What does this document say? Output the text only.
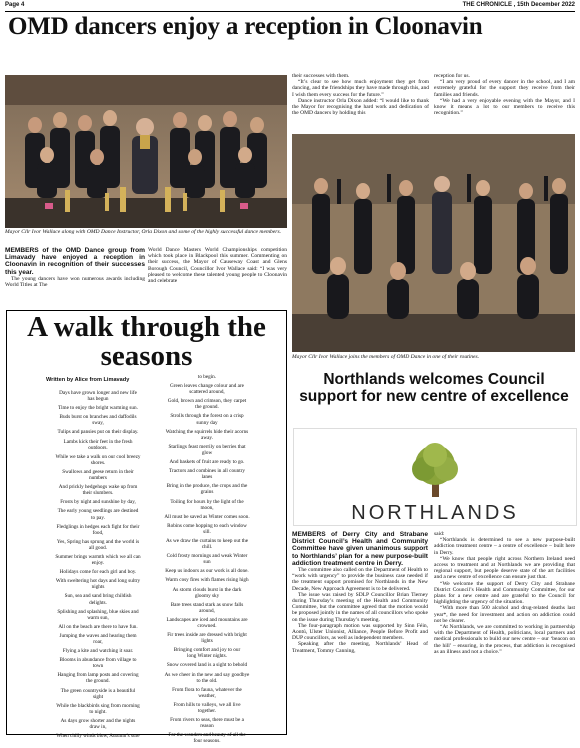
Page 4	THE CHRONICLE , 15th December 2022
OMD dancers enjoy a reception in Cloonavin
Mayor Cllr Ivor Wallace along with OMD Dance Instructor, Orla Dixon and some of the highly successful dance members.

MEMBERS of the OMD Dance group from Limavady have enjoyed a reception in Cloonavin in recognition of their successes this year.

The young dancers have won numerous awards including World Titles at The

World Dance Masters World Championships competition which took place in Blackpool this summer. Commenting on their success, the Mayor of Causeway Coast and Glens Borough Council, Councillor Ivor Wallace said: “I was very pleased to welcome these talented young people to Cloonavin and celebrate

their successes with them.

“It’s clear to see how much enjoyment they get from dancing, and the friendships they have made through this, and I wish them every success for the future.”

Dance instructor Orla Dixon added: “I would like to thank the Mayor for recognising the hard work and dedication of the OMD dancers by holding this

reception for us.

“I am very proud of every dancer in the school, and I am extremely grateful for the support they receive from their families and friends.

“We had a very enjoyable evening with the Mayor, and I know it means a lot to our members to receive this recognition.”

Mayor Cllr Ivor Wallace joins the members of OMD Dance in one of their routines.
A walk through the seasons
Written by Alice from Limavady

Days have grown longer and new life
has begun

Time to enjoy the bright warming sun.

Buds burst on branches and daffodils
sway,

Tulips and pansies put on their display.

Lambs kick their feet in the fresh
outdoors.

While we take a walk on our cool breezy
shores.

Swallows and geese return in their
numbers

And prickly hedgehogs wake up from
their slumbers.

Frosts by night and sunshine by day,

The early young seedlings are destined
to pay.

Fledglings in hedges each fight for their
food,

Yes, Spring has sprung and the world is
all good.

Summer brings warmth which we all can
enjoy.

Holidays come for each girl and boy.

With sweltering hot days and long sultry
nights

Sun, sea and sand bring childish
delights.

Splishing and splashing, blue skies and
warm sun,

All on the beach are there to have fun.

Jumping the waves and hearing them
roar,

Flying a kite and watching it soar.

Blooms in abundance from village to
town

Hanging from lamp posts and covering
the ground.

The green countryside is a beautiful
sight

While the blackbirds sing from morning
to night.

As days grow shorter and the nights
draw in,

When chilly winds blow, Autumn’s sure

to begin.

Green leaves change colour and are
scattered around,

Gold, brown and crimson, they carpet
the ground.

Strolls through the forest on a crisp
sunny day

Watching the squirrels hide their acorns
away.

Starlings feast merrily on berries that
glow

And baskets of fruit are ready to go.

Tractors and combines in all country
lanes

Bring in the produce, the crops and the
grains

Toiling for hours by the light of the
moon,

All must be saved as Winter comes soon.

Robins come hopping to each window
sill.

As we draw the curtains to keep out the
chill.

Cold frosty mornings and weak Winter
sun

Keep us indoors as our work is all done.

Warm cosy fires with flames rising high

As storm clouds burst in the dark
gloomy sky

Bare trees stand stark as snow falls
around,

Landscapes are iced and mountains are
crowned.

Fir trees inside are dressed with bright
lights

Bringing comfort and joy to our
long Winter nights.

Snow covered land is a sight to behold

As we cheer in the new and say goodbye
to the old.

From flora to fauna, whatever the
weather,

From hills to valleys, we all live
together.

From rivers to seas, there must be a
reason

For the wonders and beauty of all the
four seasons.

Northlands welcomes Council support for new centre of excellence
NORTHLANDS

MEMBERS of Derry City and Strabane District Council’s Health and Community Committee have given unanimous support to Northlands’ plan for a new purpose-built addiction treatment centre in Derry.

The committee also called on the Department of Health to “work with urgency” to provide the business case needed if the treatment support promised for Northlands in the New Decade, New Approach Agreement is to be delivered.

The issue was raised by SDLP Councillor Brian Tierney during Thursday’s meeting of the Health and Community Committee, but the committee agreed that the motion would be proposed jointly in the names of all councillors who spoke on the issue during Thursday’s meeting.

The four-paragraph motion was supported by Sinn Féin, Aontú, Ulster Unionist, Alliance, People Before Profit and DUP councillors, as well as independent members.

Speaking after the meeting, Northlands’ Head of Treatment, Tommy Canning,

said:

“Northlands is determined to see a new purpose-built addiction treatment centre – a centre of excellence – built here in Derry.

“We know that people right across Northern Ireland need access to treatment and at Northlands we are providing that regional support, but people deserve state of the art facilities and a new centre of excellence can ensure just that.

“We welcome the support of Derry City and Strabane District Council’s Health and Community Committee, for our plans for a new centre and are grateful to the Council for highlighting the urgency of the situation.

“With more than 500 alcohol and drug-related deaths last year*, the need for investment and action on addiction could not be clearer.

“At Northlands, we are committed to working in partnership with the Department of Health, politicians, local partners and medical professionals to build our new centre – our ‘beacon on the hill’ – ensuring, in the process, that addiction is recognised as an illness and not a choice.”
